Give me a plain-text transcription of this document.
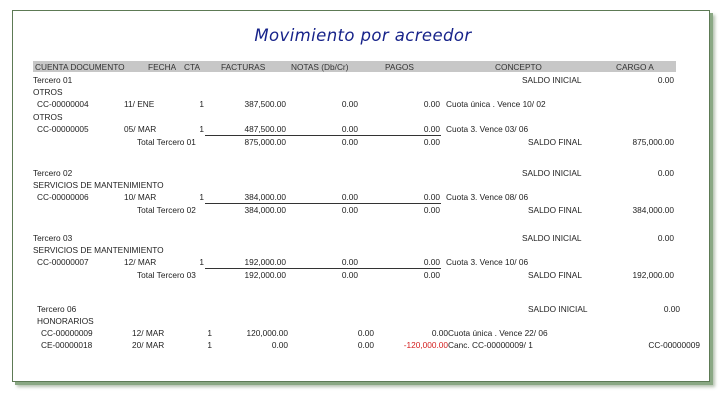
Movimiento por acreedor
CUENTA DOCUMENTO	FECHA CTA	FACTURAS	NOTAS (Db/Cr)	PAGOS	CONCEPTO	CARGO A
Tercero 01	SALDO INICIAL	0.00
OTROS
CC-00000004	11/ ENE	1	387,500.00	0.00	0.00 Cuota única . Vence 10/ 02
OTROS
CC-00000005	05/ MAR	1	487,500.00	0.00	0.00 Cuota 3. Vence 03/ 06
Total Tercero 01	875,000.00	0.00	0.00	SALDO FINAL	875,000.00
Tercero 02	SALDO INICIAL	0.00
SERVICIOS DE MANTENIMIENTO
CC-00000006	10/ MAR	1	384,000.00	0.00	0.00 Cuota 3. Vence 08/ 06
Total Tercero 02	384,000.00	0.00	0.00	SALDO FINAL	384,000.00
Tercero 03	SALDO INICIAL	0.00
SERVICIOS DE MANTENIMIENTO
CC-00000007	12/ MAR	1	192,000.00	0.00	0.00 Cuota 3. Vence 10/ 06
Total Tercero 03	192,000.00	0.00	0.00	SALDO FINAL	192,000.00
Tercero 06	SALDO INICIAL	0.00
HONORARIOS
CC-00000009	12/ MAR	1	120,000.00	0.00	0.00 Cuota única . Vence 22/ 06
CE-00000018	20/ MAR	1	0.00	0.00	-120,000.00 Canc. CC-00000009/ 1	CC-00000009
